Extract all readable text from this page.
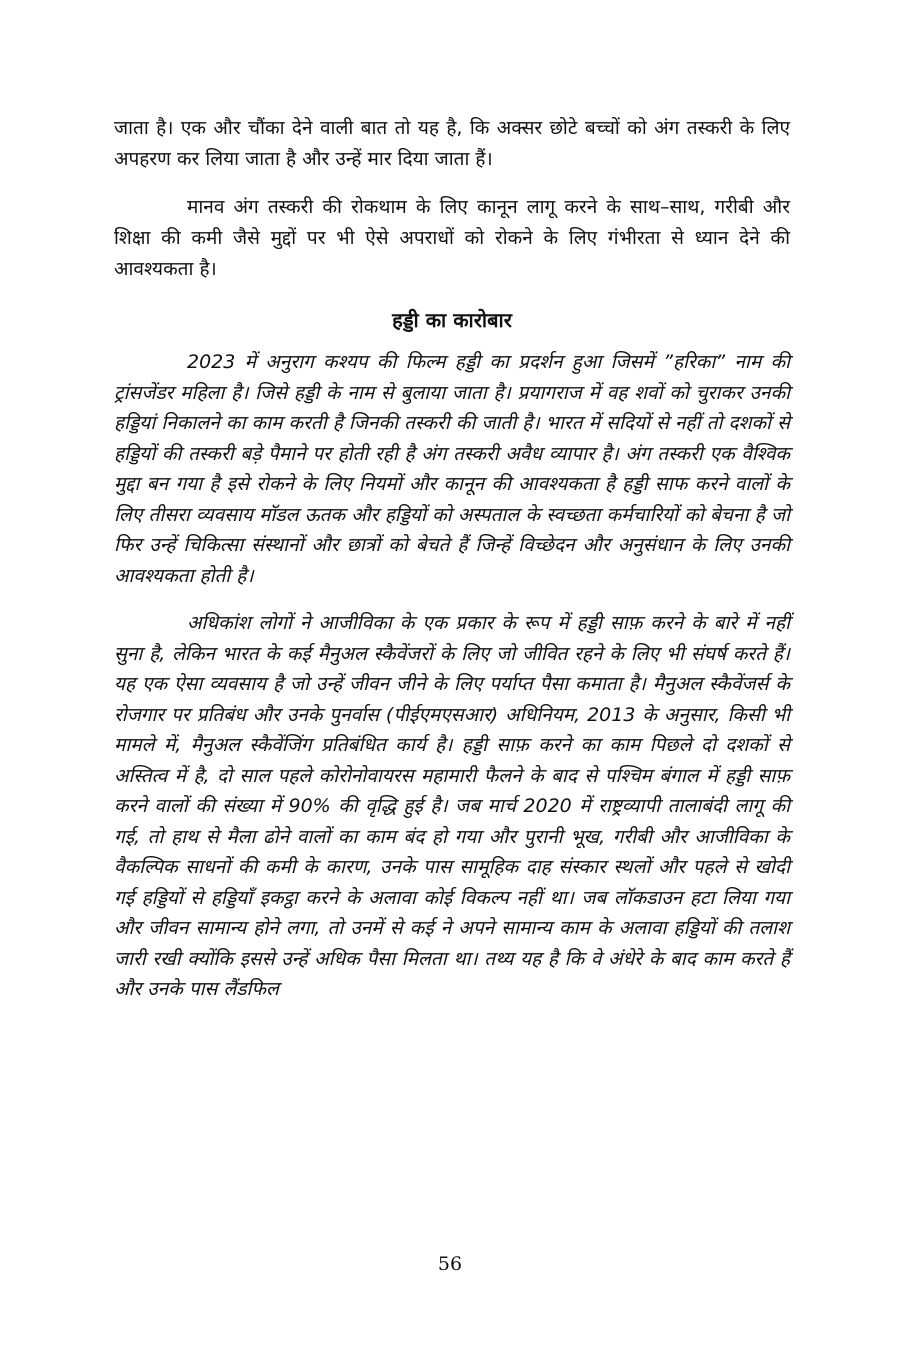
जाता है। एक और चौंका देने वाली बात तो यह है, कि अक्सर छोटे बच्चों को अंग तस्करी के लिए अपहरण कर लिया जाता है और उन्हें मार दिया जाता हैं।

मानव अंग तस्करी की रोकथाम के लिए कानून लागू करने के साथ–साथ, गरीबी और शिक्षा की कमी जैसे मुद्दों पर भी ऐसे अपराधों को रोकने के लिए गंभीरता से ध्यान देने की आवश्यकता है।

हड्डी का कारोबार

2023 में अनुराग कश्यप की फिल्म हड्डी का प्रदर्शन हुआ जिसमें ”हरिका” नाम की ट्रांसजेंडर महिला है। जिसे हड्डी के नाम से बुलाया जाता है। प्रयागराज में वह शवों को चुराकर उनकी हड्डियां निकालने का काम करती है जिनकी तस्करी की जाती है। भारत में सदियों से नहीं तो दशकों से हड्डियों की तस्करी बड़े पैमाने पर होती रही है अंग तस्करी अवैध व्यापार है। अंग तस्करी एक वैश्विक मुद्दा बन गया है इसे रोकने के लिए नियमों और कानून की आवश्यकता है हड्डी साफ करने वालों के लिए तीसरा व्यवसाय मॉडल ऊतक और हड्डियों को अस्पताल के स्वच्छता कर्मचारियों को बेचना है जो फिर उन्हें चिकित्सा संस्थानों और छात्रों को बेचते हैं जिन्हें विच्छेदन और अनुसंधान के लिए उनकी आवश्यकता होती है।

अधिकांश लोगों ने आजीविका के एक प्रकार के रूप में हड्डी साफ़ करने के बारे में नहीं सुना है, लेकिन भारत के कई मैनुअल स्कैवेंजरों के लिए जो जीवित रहने के लिए भी संघर्ष करते हैं। यह एक ऐसा व्यवसाय है जो उन्हें जीवन जीने के लिए पर्याप्त पैसा कमाता है। मैनुअल स्कैवेंजर्स के रोजगार पर प्रतिबंध और उनके पुनर्वास (पीईएमएसआर) अधिनियम, 2013 के अनुसार, किसी भी मामले में, मैनुअल स्कैवेंजिंग प्रतिबंधित कार्य है। हड्डी साफ़ करने का काम पिछले दो दशकों से अस्तित्व में है, दो साल पहले कोरोनोवायरस महामारी फैलने के बाद से पश्चिम बंगाल में हड्डी साफ़ करने वालों की संख्या में 90% की वृद्धि हुई है। जब मार्च 2020 में राष्ट्रव्यापी तालाबंदी लागू की गई, तो हाथ से मैला ढोने वालों का काम बंद हो गया और पुरानी भूख, गरीबी और आजीविका के वैकल्पिक साधनों की कमी के कारण, उनके पास सामूहिक दाह संस्कार स्थलों और पहले से खोदी गई हड्डियों से हड्डियाँ इकट्ठा करने के अलावा कोई विकल्प नहीं था। जब लॉकडाउन हटा लिया गया और जीवन सामान्य होने लगा, तो उनमें से कई ने अपने सामान्य काम के अलावा हड्डियों की तलाश जारी रखी क्योंकि इससे उन्हें अधिक पैसा मिलता था। तथ्य यह है कि वे अंधेरे के बाद काम करते हैं और उनके पास लैंडफिल

56
